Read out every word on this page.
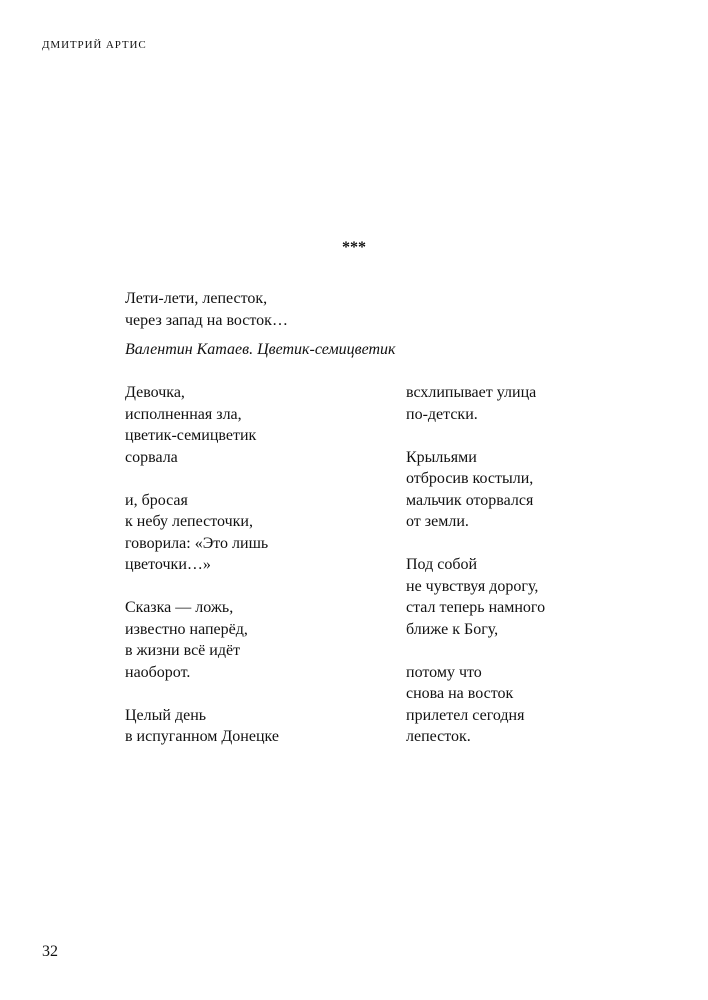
ДМИТРИЙ АРТИС
***
Лети-лети, лепесток,
через запад на восток…
Валентин Катаев. Цветик-семицветик
Девочка,
исполненная зла,
цветик-семицветик
сорвала
и, бросая
к небу лепесточки,
говорила: «Это лишь
цветочки…»
Сказка — ложь,
известно наперёд,
в жизни всё идёт
наоборот.
Целый день
в испуганном Донецке
всхлипывает улица
по-детски.
Крыльями
отбросив костыли,
мальчик оторвался
от земли.
Под собой
не чувствуя дорогу,
стал теперь намного
ближе к Богу,
потому что
снова на восток
прилетел сегодня
лепесток.
32
